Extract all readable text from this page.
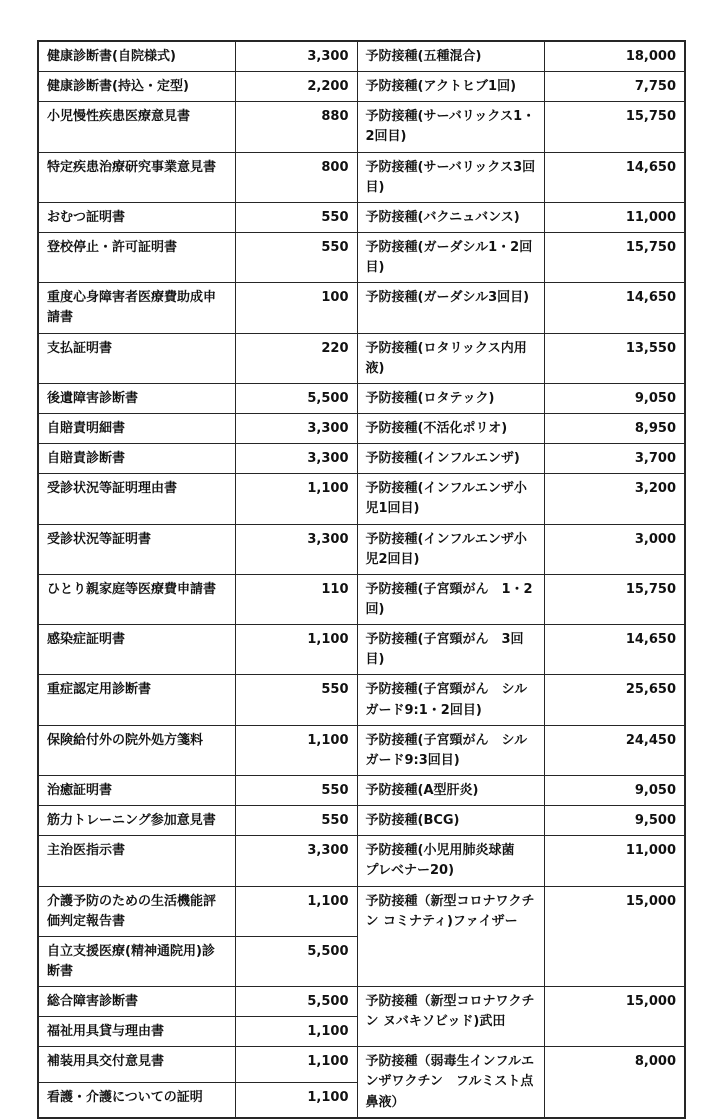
健康診断書(自院様式)	3,300	予防接種(五種混合)	18,000
健康診断書(持込・定型)	2,200	予防接種(アクトヒブ1回)	7,750
小児慢性疾患医療意見書	880	予防接種(サーバリックス1・2回目)	15,750
特定疾患治療研究事業意見書	800	予防接種(サーバリックス3回目)	14,650
おむつ証明書	550	予防接種(バクニュバンス)	11,000
登校停止・許可証明書	550	予防接種(ガーダシル1・2回目)	15,750
重度心身障害者医療費助成申請書	100	予防接種(ガーダシル3回目)	14,650
支払証明書	220	予防接種(ロタリックス内用液)	13,550
後遺障害診断書	5,500	予防接種(ロタテック)	9,050
自賠責明細書	3,300	予防接種(不活化ポリオ)	8,950
自賠責診断書	3,300	予防接種(インフルエンザ)	3,700
受診状況等証明理由書	1,100	予防接種(インフルエンザ小児1回目)	3,200
受診状況等証明書	3,300	予防接種(インフルエンザ小児2回目)	3,000
ひとり親家庭等医療費申請書	110	予防接種(子宮頸がん　1・2回)	15,750
感染症証明書	1,100	予防接種(子宮頸がん　3回目)	14,650
重症認定用診断書	550	予防接種(子宮頸がん　シルガード9:1・2回目)	25,650
保険給付外の院外処方箋料	1,100	予防接種(子宮頸がん　シルガード9:3回目)	24,450
治癒証明書	550	予防接種(A型肝炎)	9,050
筋力トレーニング参加意見書	550	予防接種(BCG)	9,500
主治医指示書	3,300	予防接種(小児用肺炎球菌　プレベナー20)	11,000
介護予防のための生活機能評価判定報告書	1,100	予防接種（新型コロナワクチン コミナティ)ファイザー	15,000
自立支援医療(精神通院用)診断書	5,500		
総合障害診断書	5,500	予防接種（新型コロナワクチン ヌバキソビッド)武田	15,000
福祉用具貸与理由書	1,100		
補装用具交付意見書	1,100	予防接種（弱毒生インフルエンザワクチン　フルミスト点鼻液）	8,000
看護・介護についての証明	1,100		
